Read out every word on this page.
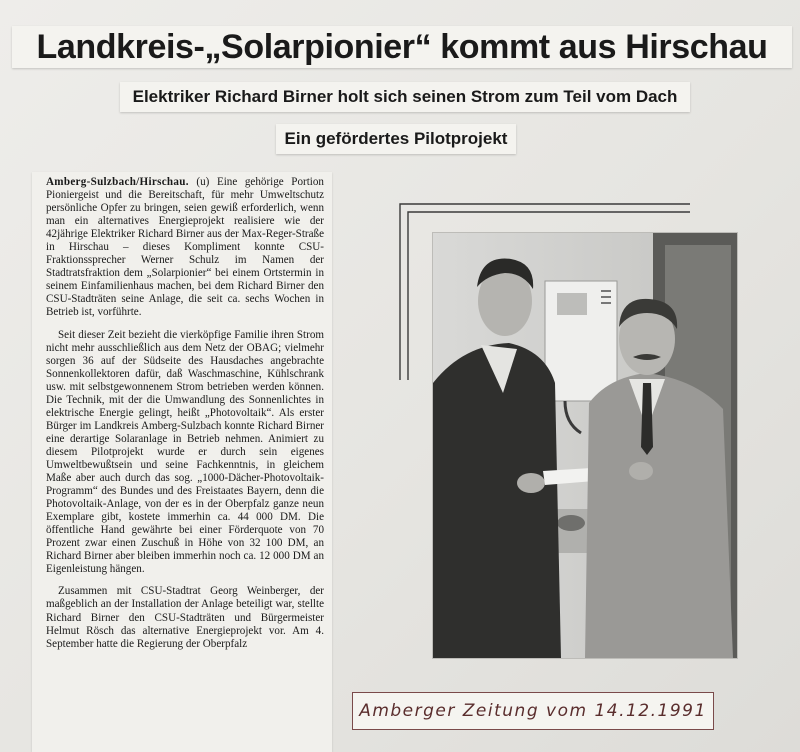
Landkreis-„Solarpionier“ kommt aus Hirschau
Elektriker Richard Birner holt sich seinen Strom zum Teil vom Dach
Ein gefördertes Pilotprojekt

Amberg-Sulzbach/Hirschau. (u) Eine gehörige Portion Pioniergeist und die Bereitschaft, für mehr Umweltschutz persönliche Opfer zu bringen, seien gewiß erforderlich, wenn man ein alternatives Energieprojekt realisiere wie der 42jährige Elektriker Richard Birner aus der Max-Reger-Straße in Hirschau – dieses Kompliment konnte CSU-Fraktionssprecher Werner Schulz im Namen der Stadtratsfraktion dem „Solarpionier“ bei einem Ortstermin in seinem Einfamilienhaus machen, bei dem Richard Birner den CSU-Stadträten seine Anlage, die seit ca. sechs Wochen in Betrieb ist, vorführte.

Seit dieser Zeit bezieht die vierköpfige Familie ihren Strom nicht mehr ausschließlich aus dem Netz der OBAG; vielmehr sorgen 36 auf der Südseite des Hausdaches angebrachte Sonnenkollektoren dafür, daß Waschmaschine, Kühlschrank usw. mit selbstgewonnenem Strom betrieben werden können. Die Technik, mit der die Umwandlung des Sonnenlichtes in elektrische Energie gelingt, heißt „Photovoltaik“. Als erster Bürger im Landkreis Amberg-Sulzbach konnte Richard Birner eine derartige Solaranlage in Betrieb nehmen. Animiert zu diesem Pilotprojekt wurde er durch sein eigenes Umweltbewußtsein und seine Fachkenntnis, in gleichem Maße aber auch durch das sog. „1000-Dächer-Photovoltaik-Programm“ des Bundes und des Freistaates Bayern, denn die Photovoltaik-Anlage, von der es in der Oberpfalz ganze neun Exemplare gibt, kostete immerhin ca. 44 000 DM. Die öffentliche Hand gewährte bei einer Förderquote von 70 Prozent zwar einen Zuschuß in Höhe von 32 100 DM, an Richard Birner aber bleiben immerhin noch ca. 12 000 DM an Eigenleistung hängen.

Zusammen mit CSU-Stadtrat Georg Weinberger, der maßgeblich an der Installation der Anlage beteiligt war, stellte Richard Birner den CSU-Stadträten und Bürgermeister Helmut Rösch das alternative Energieprojekt vor. Am 4. September hatte die Regierung der Oberpfalz

Amberger Zeitung vom 14.12.1991
